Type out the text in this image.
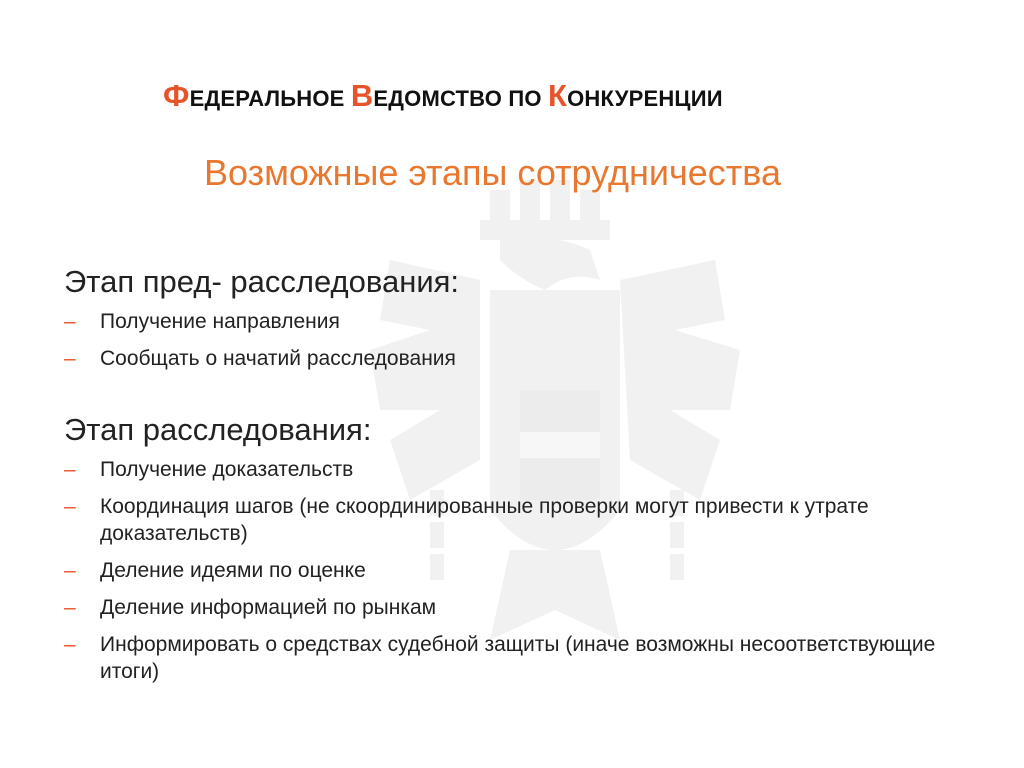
ФЕДЕРАЛЬНОЕ ВЕДОМСТВО ПО КОНКУРЕНЦИИ
Возможные этапы сотрудничества
Этап пред- расследования:
– Получение направления
– Сообщать о начатий расследования
Этап расследования:
– Получение доказательств
– Координация шагов (не скоординированные проверки могут привести к утрате доказательств)
– Деление идеями по оценке
– Деление информацией по рынкам
– Информировать о средствах судебной защиты (иначе возможны несоответствующие итоги)
